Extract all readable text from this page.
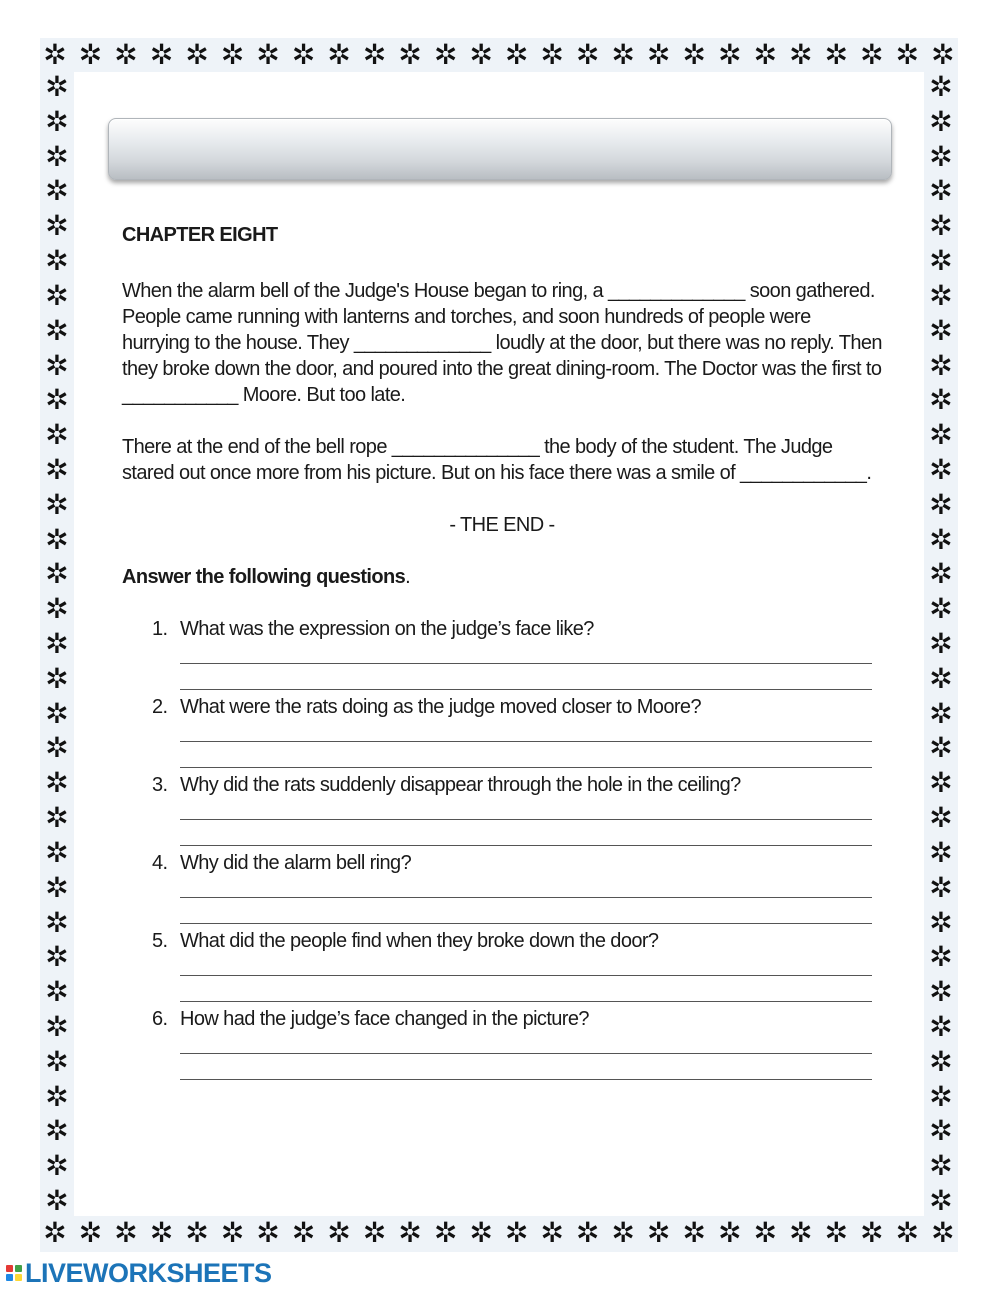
✲ ✲ ✲ ✲ ✲ ✲ ✲ ✲ ✲ ✲ ✲ ✲ ✲ ✲ ✲ ✲ ✲ ✲ ✲ ✲ ✲ ✲ ✲ ✲ ✲ ✲
✲ ✲ ✲ ✲ ✲ ✲ ✲ ✲ ✲ ✲ ✲ ✲ ✲ ✲ ✲ ✲ ✲ ✲ ✲ ✲ ✲ ✲ ✲ ✲ ✲ ✲
✲
✲
✲
✲
✲
✲
✲
✲
✲
✲
✲
✲
✲
✲
✲
✲
✲
✲
✲
✲
✲
✲
✲
✲
✲
✲
✲
✲
✲
✲
✲
✲
✲
✲
✲
✲
✲
✲
✲
✲
✲
✲
✲
✲
✲
✲
✲
✲
✲
✲
✲
✲
✲
✲
✲
✲
✲
✲
✲
✲
✲
✲
✲
✲
✲
✲
CHAPTER EIGHT

When the alarm bell of the Judge's House began to ring, a _____________ soon gathered. People came running with lanterns and torches, and soon hundreds of people were hurrying to the house. They _____________ loudly at the door, but there was no reply. Then they broke down the door, and poured into the great dining-room. The Doctor was the first to ___________ Moore. But too late.

There at the end of the bell rope ______________ the body of the student. The Judge stared out once more from his picture. But on his face there was a smile of ____________.

- THE END -
Answer the following questions.
1. What was the expression on the judge’s face like?
2. What were the rats doing as the judge moved closer to Moore?
3. Why did the rats suddenly disappear through the hole in the ceiling?
4. Why did the alarm bell ring?
5. What did the people find when they broke down the door?
6. How had the judge’s face changed in the picture?
LIVEWORKSHEETS
